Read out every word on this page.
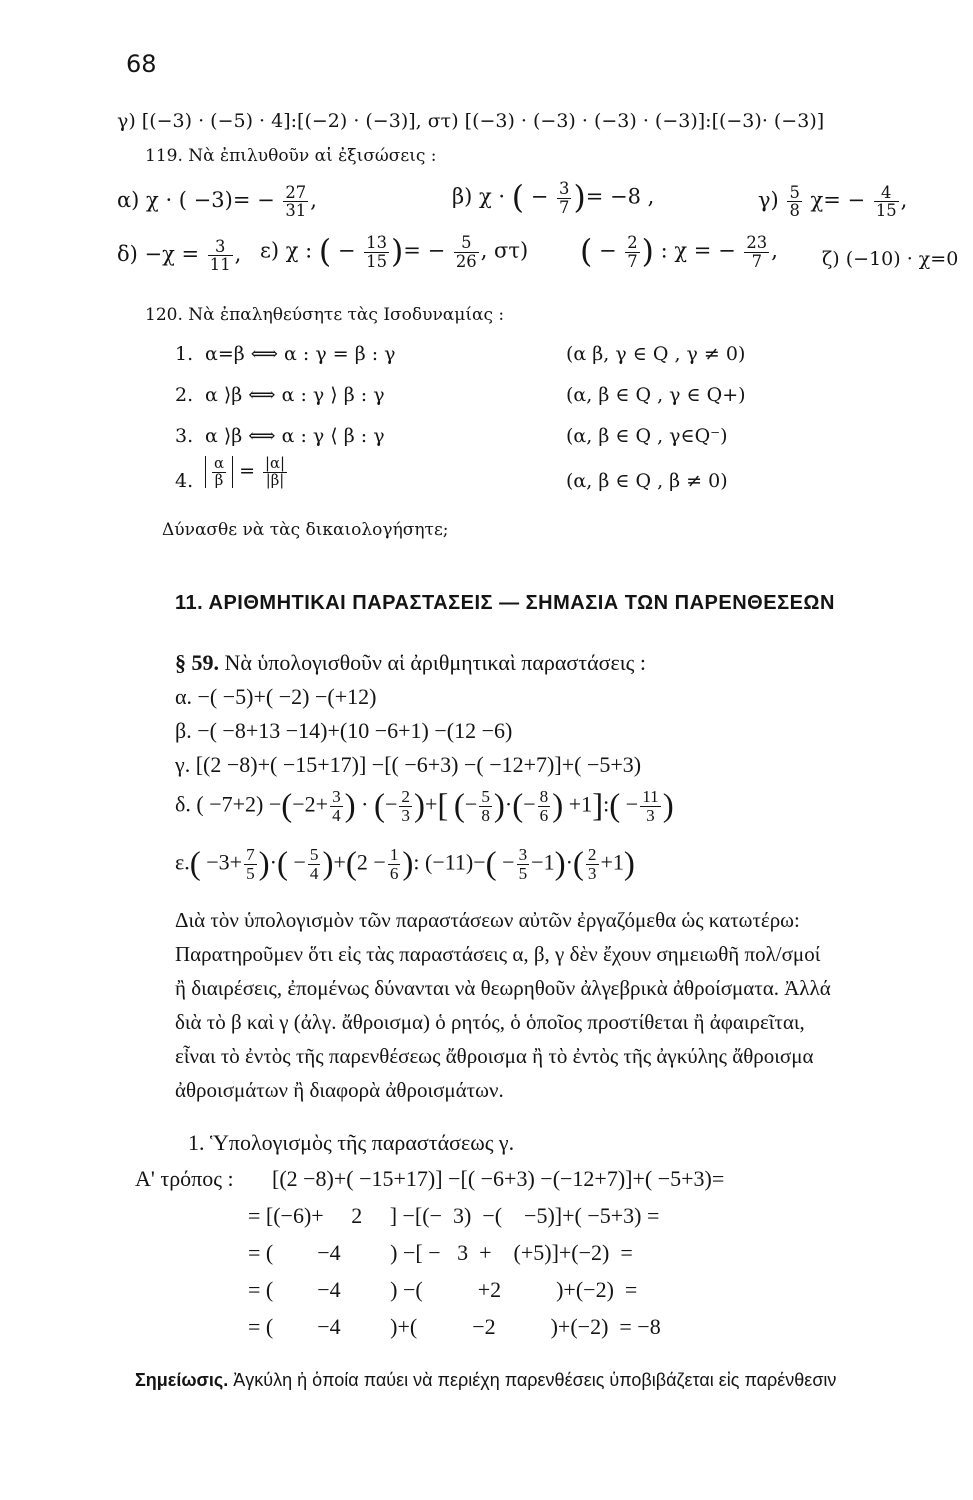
68
γ) [(−3) · (−5) · 4]:[(−2) · (−3)], στ) [(−3) · (−3) · (−3) · (−3)]:[(−3)· (−3)]
119. Νὰ ἐπιλυθοῦν αἱ ἐξισώσεις :
α) χ · ( $-3)= - \frac{27}{31}$ ,	β) χ · ( − $\frac{3}{7}$ )= −8 ,	$\gamma) \frac{5}{8} \chi= - \frac{4}{15}$ ,
$\delta) -\chi = \frac{3}{11}$ , ε) χ : ( − $\frac{13}{15}$ )= − $\frac{5}{26}$ , στ) ( − $\frac{2}{7}$ ) : χ = − $\frac{23}{7}$ , ζ) (−10) · χ=0
120. Νὰ ἐπαληθεύσητε τὰς Ισοδυναμίας :
1. α=β ⟺ α : γ = β : γ	(α β, γ ∈ Q , γ ≠ 0)
2. α ⟩β ⟺ α : γ ⟩ β : γ	(α, β ∈ Q , γ ∈ Q+)
3. α ⟩β ⟺ α : γ ⟨ β : γ	(α, β ∈ Q , γ∈Q⁻)
4. $\frac{\alpha}{\beta} = \frac{|\alpha|}{|\beta|}$	(α, β ∈ Q , β ≠ 0)
Δύνασθε νὰ τὰς δικαιολογήσητε;
11. ΑΡΙΘΜΗΤΙΚΑΙ ΠΑΡΑΣΤΑΣΕΙΣ — ΣΗΜΑΣΙΑ ΤΩΝ ΠΑΡΕΝΘΕΣΕΩΝ
§ 59. Νὰ ὑπολογισθοῦν αἱ ἀριθμητικαὶ παραστάσεις :
α. −( −5)+( −2) −(+12)
β. −( −8+13 −14)+(10 −6+1) −(12 −6)
γ. [(2 −8)+( −15+17)] −[( −6+3) −( −12+7)]+( −5+3)
δ. ( $-7+2) -(-2+ \frac{3}{4}$ ) · (− $\frac{2}{3}$ )+[ (− $\frac{5}{8}$ )·(− $\frac{8}{6}$ ) +1]:( − $\frac{11}{3}$ )
$\varepsilon.( -3+ \frac{7}{5}$ )·( − $\frac{5}{4} )+(2 - \frac{1}{6}$ ): $(-11)-( - \frac{3}{5} -1)\cdot( \frac{2}{3} +1)$
Διὰ τὸν ὑπολογισμὸν τῶν παραστάσεων αὐτῶν ἐργαζόμεθα ὡς κατωτέρω:
Παρατηροῦμεν ὅτι εἰς τὰς παραστάσεις α, β, γ δὲν ἔχουν σημειωθῆ πολ/σμοί
ἢ διαιρέσεις, ἐπομένως δύνανται νὰ θεωρηθοῦν ἀλγεβρικὰ ἀθροίσματα. Ἀλλά
διὰ τὸ β καὶ γ (ἀλγ. ἄθροισμα) ὁ ρητός, ὁ ὁποῖος προστίθεται ἢ ἀφαιρεῖται,
εἶναι τὸ ἐντὸς τῆς παρενθέσεως ἄθροισμα ἢ τὸ ἐντὸς τῆς ἀγκύλης ἄθροισμα
ἀθροισμάτων ἢ διαφορὰ ἀθροισμάτων.
1. Ὑπολογισμὸς τῆς παραστάσεως γ.
Α' τρόπος : [(2 −8)+( −15+17)] −[( −6+3) −(−12+7)]+( −5+3)=
= [(−6)+     2     ] −[(−  3)  −(    −5)]+( −5+3) =
= (        −4         ) −[ −   3  +    (+5)]+(−2)  =
= (        −4         ) −(          +2          )+(−2)  =
= (        −4         )+(          −2          )+(−2)  = −8
Σημείωσις. Ἀγκύλη ἡ ὁποία παύει νὰ περιέχη παρενθέσεις ὑποβιβάζεται εἰς παρένθεσιν
